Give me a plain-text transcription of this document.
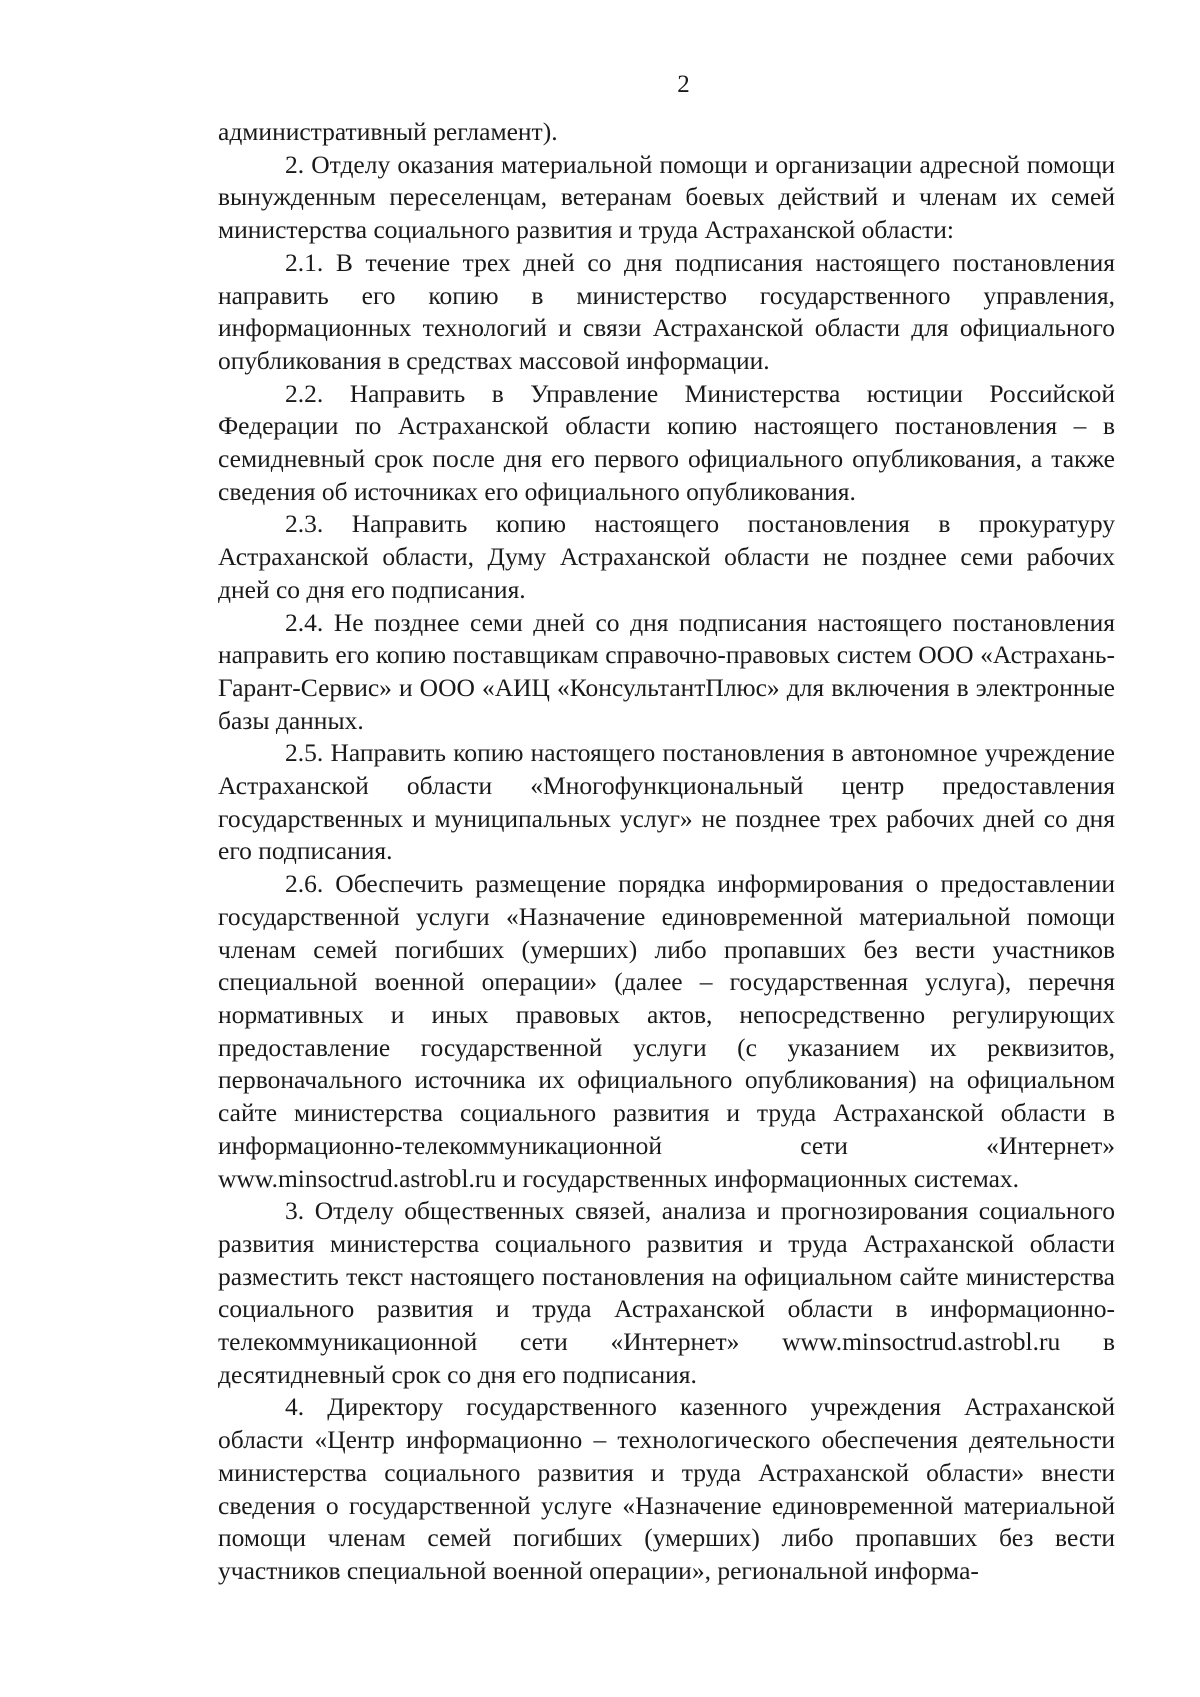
2

административный регламент).

2. Отделу оказания материальной помощи и организации адресной помощи вынужденным переселенцам, ветеранам боевых действий и членам их семей министерства социального развития и труда Астраханской области:

2.1. В течение трех дней со дня подписания настоящего постановления направить его копию в министерство государственного управления, информационных технологий и связи Астраханской области для официального опубликования в средствах массовой информации.

2.2. Направить в Управление Министерства юстиции Российской Федерации по Астраханской области копию настоящего постановления – в семидневный срок после дня его первого официального опубликования, а также сведения об источниках его официального опубликования.

2.3. Направить копию настоящего постановления в прокуратуру Астраханской области, Думу Астраханской области не позднее семи рабочих дней со дня его подписания.

2.4. Не позднее семи дней со дня подписания настоящего постановления направить его копию поставщикам справочно-правовых систем ООО «Астрахань-Гарант-Сервис» и ООО «АИЦ «КонсультантПлюс» для включения в электронные базы данных.

2.5. Направить копию настоящего постановления в автономное учреждение Астраханской области «Многофункциональный центр предоставления государственных и муниципальных услуг» не позднее трех рабочих дней со дня его подписания.

2.6. Обеспечить размещение порядка информирования о предоставлении государственной услуги «Назначение единовременной материальной помощи членам семей погибших (умерших) либо пропавших без вести участников специальной военной операции» (далее – государственная услуга), перечня нормативных и иных правовых актов, непосредственно регулирующих предоставление государственной услуги (с указанием их реквизитов, первоначального источника их официального опубликования) на официальном сайте министерства социального развития и труда Астраханской области в информационно-телекоммуникационной сети «Интернет» www.minsoctrud.astrobl.ru и государственных информационных системах.

3. Отделу общественных связей, анализа и прогнозирования социального развития министерства социального развития и труда Астраханской области разместить текст настоящего постановления на официальном сайте министерства социального развития и труда Астраханской области в информационно-телекоммуникационной сети «Интернет» www.minsoctrud.astrobl.ru в десятидневный срок со дня его подписания.

4. Директору государственного казенного учреждения Астраханской области «Центр информационно – технологического обеспечения деятельности министерства социального развития и труда Астраханской области» внести сведения о государственной услуге «Назначение единовременной материальной помощи членам семей погибших (умерших) либо пропавших без вести участников специальной военной операции», региональной информа-
